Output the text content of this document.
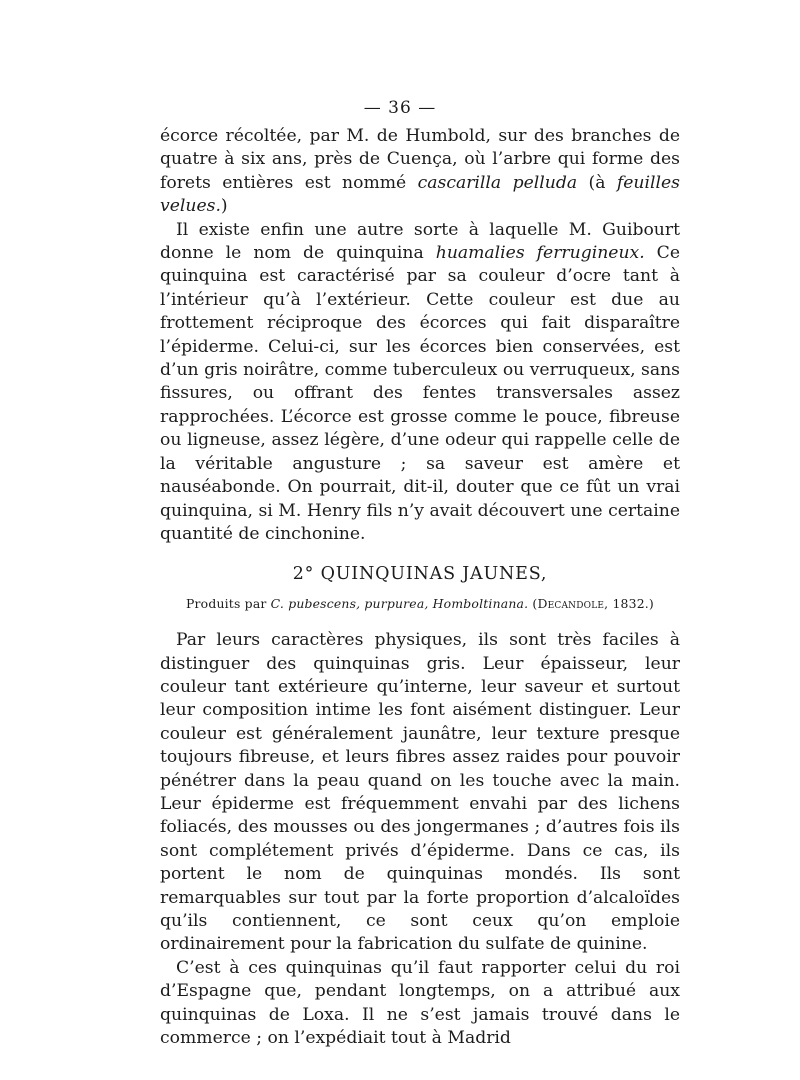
— 36 —

écorce récoltée, par M. de Humbold, sur des branches de quatre à six ans, près de Cuença, où l’arbre qui forme des forets entières est nommé cascarilla pelluda (à feuilles velues.)

Il existe enfin une autre sorte à laquelle M. Guibourt donne le nom de quinquina huamalies ferrugineux. Ce quinquina est caractérisé par sa couleur d’ocre tant à l’intérieur qu’à l’extérieur. Cette couleur est due au frottement réciproque des écorces qui fait disparaître l’épiderme. Celui-ci, sur les écorces bien conservées, est d’un gris noirâtre, comme tuberculeux ou verruqueux, sans fissures, ou offrant des fentes transversales assez rapprochées. L’écorce est grosse comme le pouce, fibreuse ou ligneuse, assez légère, d’une odeur qui rappelle celle de la véritable angusture ; sa saveur est amère et nauséabonde. On pourrait, dit-il, douter que ce fût un vrai quinquina, si M. Henry fils n’y avait découvert une certaine quantité de cinchonine.

2° QUINQUINAS JAUNES,

Produits par C. pubescens, purpurea, Homboltinana. (Decandole, 1832.)

Par leurs caractères physiques, ils sont très faciles à distinguer des quinquinas gris. Leur épaisseur, leur couleur tant extérieure qu’interne, leur saveur et surtout leur composition intime les font aisément distinguer. Leur couleur est généralement jaunâtre, leur texture presque toujours fibreuse, et leurs fibres assez raides pour pouvoir pénétrer dans la peau quand on les touche avec la main. Leur épiderme est fréquemment envahi par des lichens foliacés, des mousses ou des jongermanes ; d’autres fois ils sont complétement privés d’épiderme. Dans ce cas, ils portent le nom de quinquinas mondés. Ils sont remarquables sur tout par la forte proportion d’alcaloïdes qu’ils contiennent, ce sont ceux qu’on emploie ordinairement pour la fabrication du sulfate de quinine.

C’est à ces quinquinas qu’il faut rapporter celui du roi d’Espagne que, pendant longtemps, on a attribué aux quinquinas de Loxa. Il ne s’est jamais trouvé dans le commerce ; on l’expédiait tout à Madrid
